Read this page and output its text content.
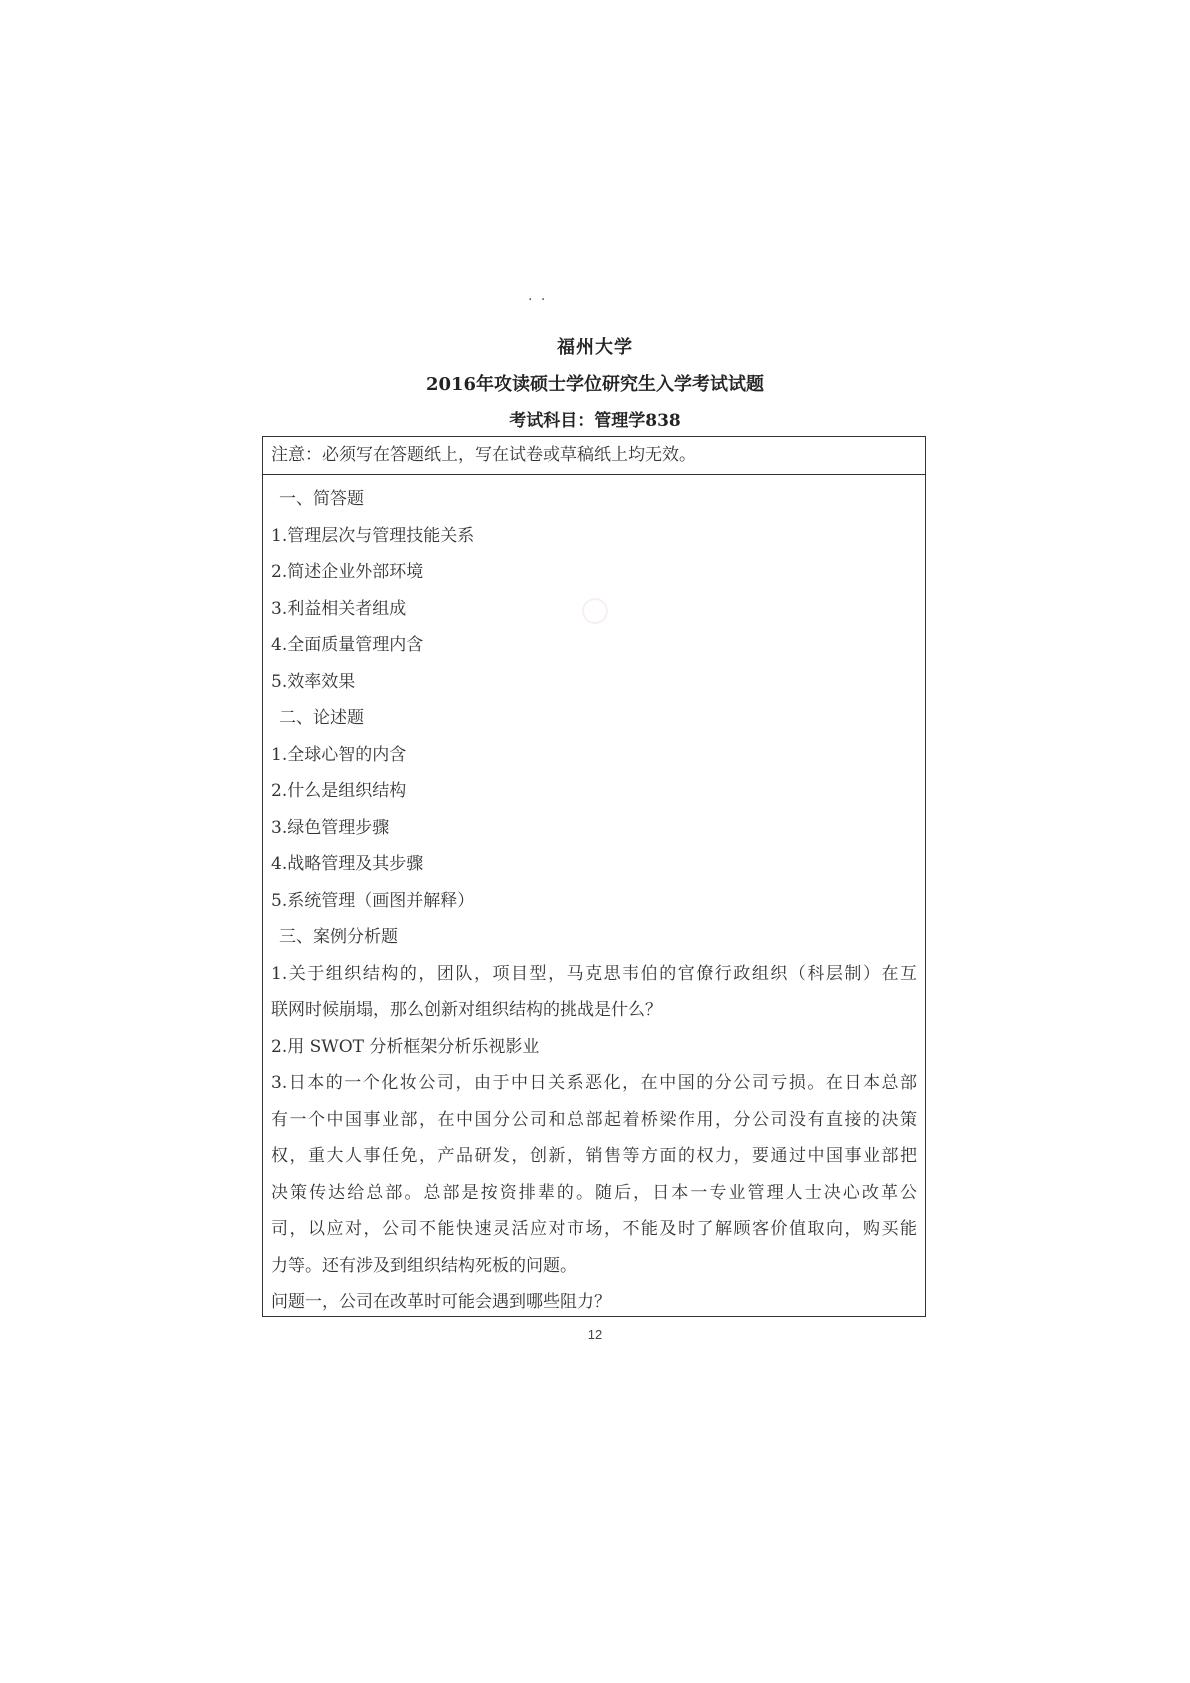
. .
福州大学
2016年攻读硕士学位研究生入学考试试题
考试科目：管理学838
注意：必须写在答题纸上，写在试卷或草稿纸上均无效。
一、简答题
1.管理层次与管理技能关系
2.简述企业外部环境
3.利益相关者组成
4.全面质量管理内含
5.效率效果
二、论述题
1.全球心智的内含
2.什么是组织结构
3.绿色管理步骤
4.战略管理及其步骤
5.系统管理（画图并解释）
三、案例分析题
1.关于组织结构的，团队，项目型，马克思韦伯的官僚行政组织（科层制）在互
联网时候崩塌，那么创新对组织结构的挑战是什么？
2.用 SWOT 分析框架分析乐视影业
3.日本的一个化妆公司，由于中日关系恶化，在中国的分公司亏损。在日本总部
有一个中国事业部，在中国分公司和总部起着桥梁作用，分公司没有直接的决策
权，重大人事任免，产品研发，创新，销售等方面的权力，要通过中国事业部把
决策传达给总部。总部是按资排辈的。随后，日本一专业管理人士决心改革公
司，以应对，公司不能快速灵活应对市场，不能及时了解顾客价值取向，购买能
力等。还有涉及到组织结构死板的问题。
问题一，公司在改革时可能会遇到哪些阻力？
12
